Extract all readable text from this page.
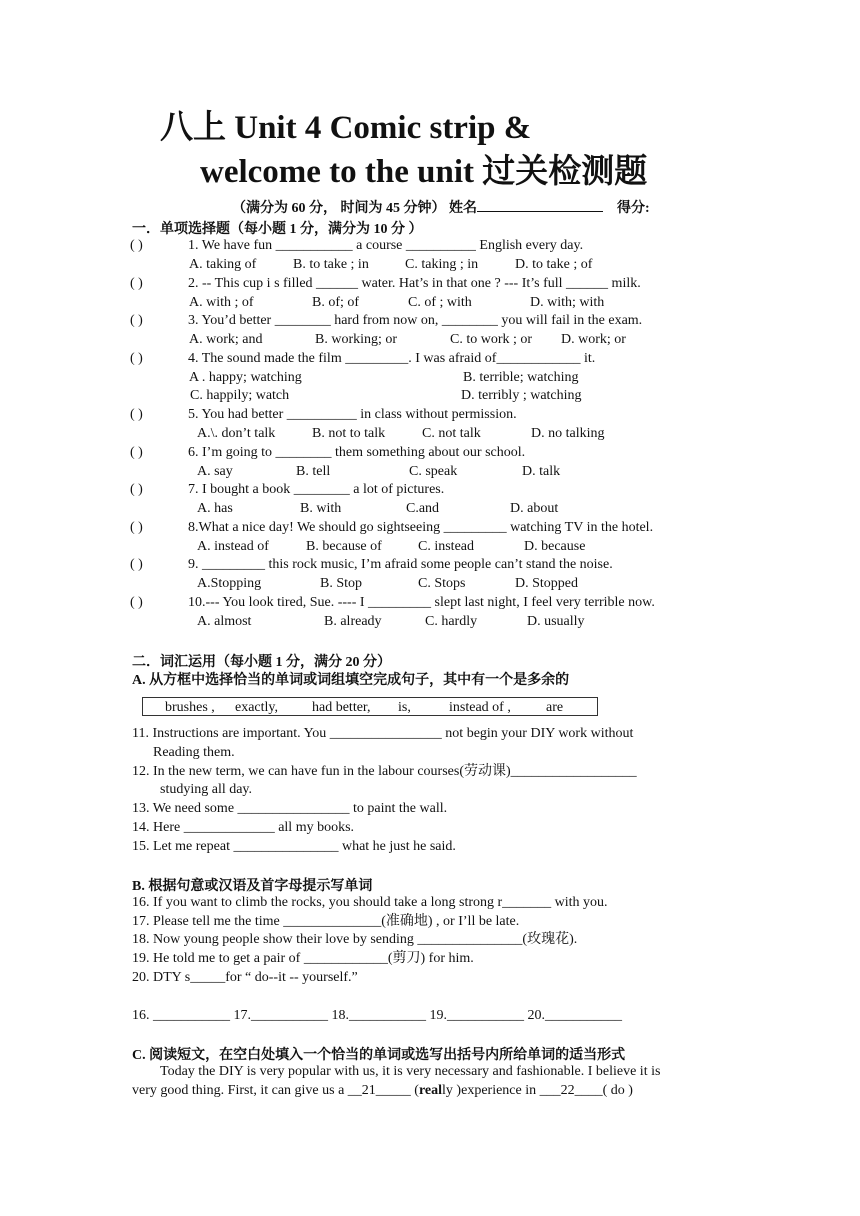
八上 Unit 4 Comic strip &
welcome to the unit 过关检测题
（满分为 60 分， 时间为 45 分钟） 姓名	得分:
一．单项选择题（每小题 1 分，满分为 10 分 ）
( )	1. We have fun ___________ a course __________ English every day.
A. taking of	B. to take ; in	C. taking ; in	D. to take ; of
( )	2. -- This cup i s filled ______ water. Hat’s in that one ? --- It’s full ______ milk.
A. with ; of	B. of; of	C. of ; with	D. with; with
( )	3. You’d better ________ hard from now on, ________ you will fail in the exam.
A. work; and	B. working; or	C. to work ; or D. work; or
( )	4. The sound made the film _________. I was afraid of____________ it.
A . happy; watching	B. terrible; watching
C. happily; watch	D. terribly ; watching
( )	5. You had better __________ in class without permission.
A.\. don’t talk	B. not to talk	C. not talk	D. no talking
( )	6. I’m going to ________ them something about our school.
A. say	B. tell	C. speak	D. talk
( )	7. I bought a book ________ a lot of pictures.
A. has	B. with	C.and	D. about
( )	8.What a nice day! We should go sightseeing _________ watching TV in the hotel.
A. instead of	B. because of	C. instead	D. because
( )	9. _________ this rock music, I’m afraid some people can’t stand the noise.
A.Stopping	B. Stop	C. Stops	D. Stopped
( )	10.--- You look tired, Sue. ---- I _________ slept last night, I feel very terrible now.
A. almost	B. already	C. hardly	D. usually
二．词汇运用（每小题 1 分，满分 20 分）
A. 从方框中选择恰当的单词或词组填空完成句子，其中有一个是多余的
brushes , exactly, had better, is,	instead of ,	are
11. Instructions are important. You ________________ not begin your DIY work without
Reading them.
12. In the new term, we can have fun in the labour courses(劳动课)__________________
studying all day.
13. We need some ________________ to paint the wall.
14. Here _____________ all my books.
15. Let me repeat _______________ what he just he said.
B. 根据句意或汉语及首字母提示写单词
16. If you want to climb the rocks, you should take a long strong r_______ with you.
17. Please tell me the time ______________(准确地) , or I’ll be late.
18. Now young people show their love by sending _______________(玫瑰花).
19. He told me to get a pair of ____________(剪刀) for him.
20. DTY s_____for “ do--it -- yourself.”
16. ___________ 17.___________ 18.___________ 19.___________ 20.___________
C. 阅读短文，在空白处填入一个恰当的单词或选写出括号内所给单词的适当形式
Today the DIY is very popular with us, it is very necessary and fashionable. I believe it is
very good thing. First, it can give us a __21_____ (really )experience in ___22____( do )
